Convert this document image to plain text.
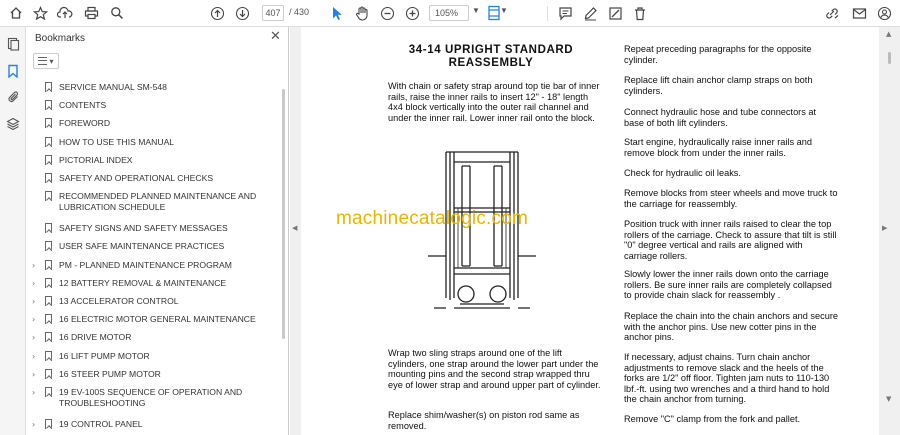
407 / 430	105%	▼	▼
Bookmarks	✕
▾
SERVICE MANUAL SM-548
CONTENTS
FOREWORD
HOW TO USE THIS MANUAL
PICTORIAL INDEX
SAFETY AND OPERATIONAL CHECKS
RECOMMENDED PLANNED MAINTENANCE AND LUBRICATION SCHEDULE
SAFETY SIGNS AND SAFETY MESSAGES
USER SAFE MAINTENANCE PRACTICES
›	PM - PLANNED MAINTENANCE PROGRAM
›	12 BATTERY REMOVAL & MAINTENANCE
›	13 ACCELERATOR CONTROL
›	16 ELECTRIC MOTOR GENERAL MAINTENANCE
›	16 DRIVE MOTOR
›	16 LIFT PUMP MOTOR
›	16 STEER PUMP MOTOR
›	19 EV-100S SEQUENCE OF OPERATION AND TROUBLESHOOTING
›	19 CONTROL PANEL
◀	▶
▲
▼
34-14 UPRIGHT STANDARD
REASSEMBLY
With chain or safety strap around top tie bar of inner rails, raise the inner rails to insert 12" - 18" length 4x4 block vertically into the outer rail channel and under the inner rail. Lower inner rail onto the block.
machinecatalogic.com
Wrap two sling straps around one of the lift cylinders, one strap around the lower part under the mounting pins and the second strap wrapped thru eye of lower strap and around upper part of cylinder.
Replace shim/washer(s) on piston rod same as removed.
Repeat preceding paragraphs for the opposite cylinder.
Replace lift chain anchor clamp straps on both cylinders.
Connect hydraulic hose and tube connectors at base of both lift cylinders.
Start engine, hydraulically raise inner rails and remove block from under the inner rails.
Check for hydraulic oil leaks.
Remove blocks from steer wheels and move truck to the carriage for reassembly.
Position truck with inner rails raised to clear the top rollers of the carriage. Check to assure that tilt is still "0" degree vertical and rails are aligned with carriage rollers.
Slowly lower the inner rails down onto the carriage rollers. Be sure inner rails are completely collapsed to provide chain slack for reassembly .
Replace the chain into the chain anchors and secure with the anchor pins. Use new cotter pins in the anchor pins.
If necessary, adjust chains. Turn chain anchor adjustments to remove slack and the heels of the forks are 1/2" off floor. Tighten jam nuts to 110-130 lbf.-ft. using two wrenches and a third hand to hold the chain anchor from turning.
Remove "C" clamp from the fork and pallet.
